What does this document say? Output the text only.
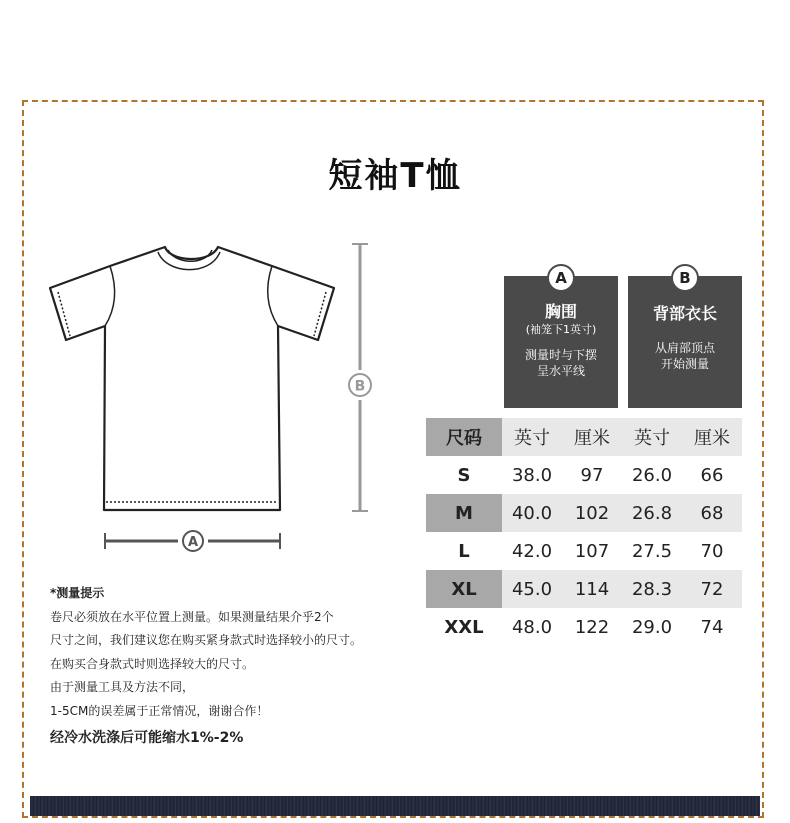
短袖T恤
B
A
胸围
(袖笼下1英寸)
测量时与下摆
呈水平线
A
背部衣长
从肩部顶点
开始测量
B
尺码	英寸	厘米	英寸	厘米
S	38.0	97	26.0	66
M	40.0	102	26.8	68
L	42.0	107	27.5	70
XL	45.0	114	28.3	72
XXL	48.0	122	29.0	74
*测量提示
卷尺必须放在水平位置上测量。如果测量结果介乎2个
尺寸之间，我们建议您在购买紧身款式时选择较小的尺寸。
在购买合身款式时则选择较大的尺寸。
由于测量工具及方法不同，
1-5CM的误差属于正常情况，谢谢合作！
经冷水洗涤后可能缩水1%-2%
